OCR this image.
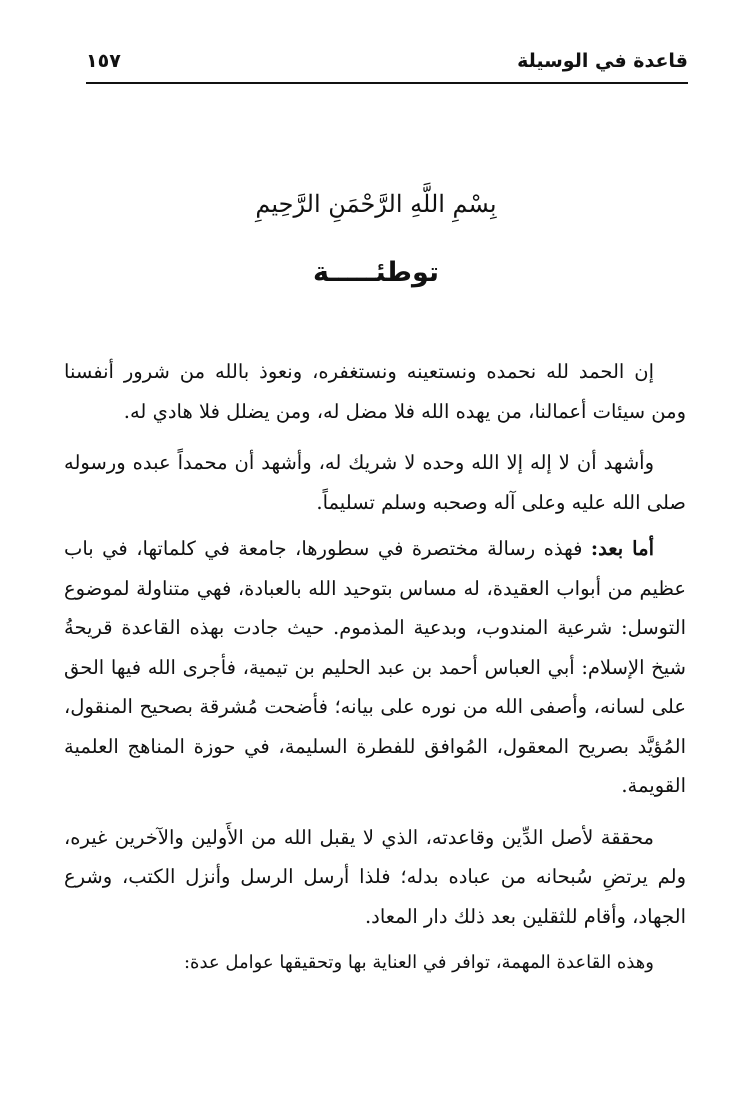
قاعدة في الوسيلة
١٥٧
بِسْمِ اللَّهِ الرَّحْمَنِ الرَّحِيمِ
توطئـــــة

إن الحمد لله نحمده ونستعينه ونستغفره، ونعوذ بالله من شرور أنفسنا ومن سيئات أعمالنا، من يهده الله فلا مضل له، ومن يضلل فلا هادي له.

وأشهد أن لا إله إلا الله وحده لا شريك له، وأشهد أن محمداً عبده ورسوله صلى الله عليه وعلى آله وصحبه وسلم تسليماً.

أما بعد: فهذه رسالة مختصرة في سطورها، جامعة في كلماتها، في باب عظيم من أبواب العقيدة، له مساس بتوحيد الله بالعبادة، فهي متناولة لموضوع التوسل: شرعية المندوب، وبدعية المذموم. حيث جادت بهذه القاعدة قريحةُ شيخ الإسلام: أبي العباس أحمد بن عبد الحليم بن تيمية، فأجرى الله فيها الحق على لسانه، وأصفى الله من نوره على بيانه؛ فأضحت مُشرقة بصحيح المنقول، المُؤيَّد بصريح المعقول، المُوافق للفطرة السليمة، في حوزة المناهج العلمية القويمة.

محققة لأصل الدِّين وقاعدته، الذي لا يقبل الله من الأَولين والآخرين غيره، ولم يرتضِ سُبحانه من عباده بدله؛ فلذا أرسل الرسل وأنزل الكتب، وشرع الجهاد، وأقام للثقلين بعد ذلك دار المعاد.

وهذه القاعدة المهمة، توافر في العناية بها وتحقيقها عوامل عدة:
